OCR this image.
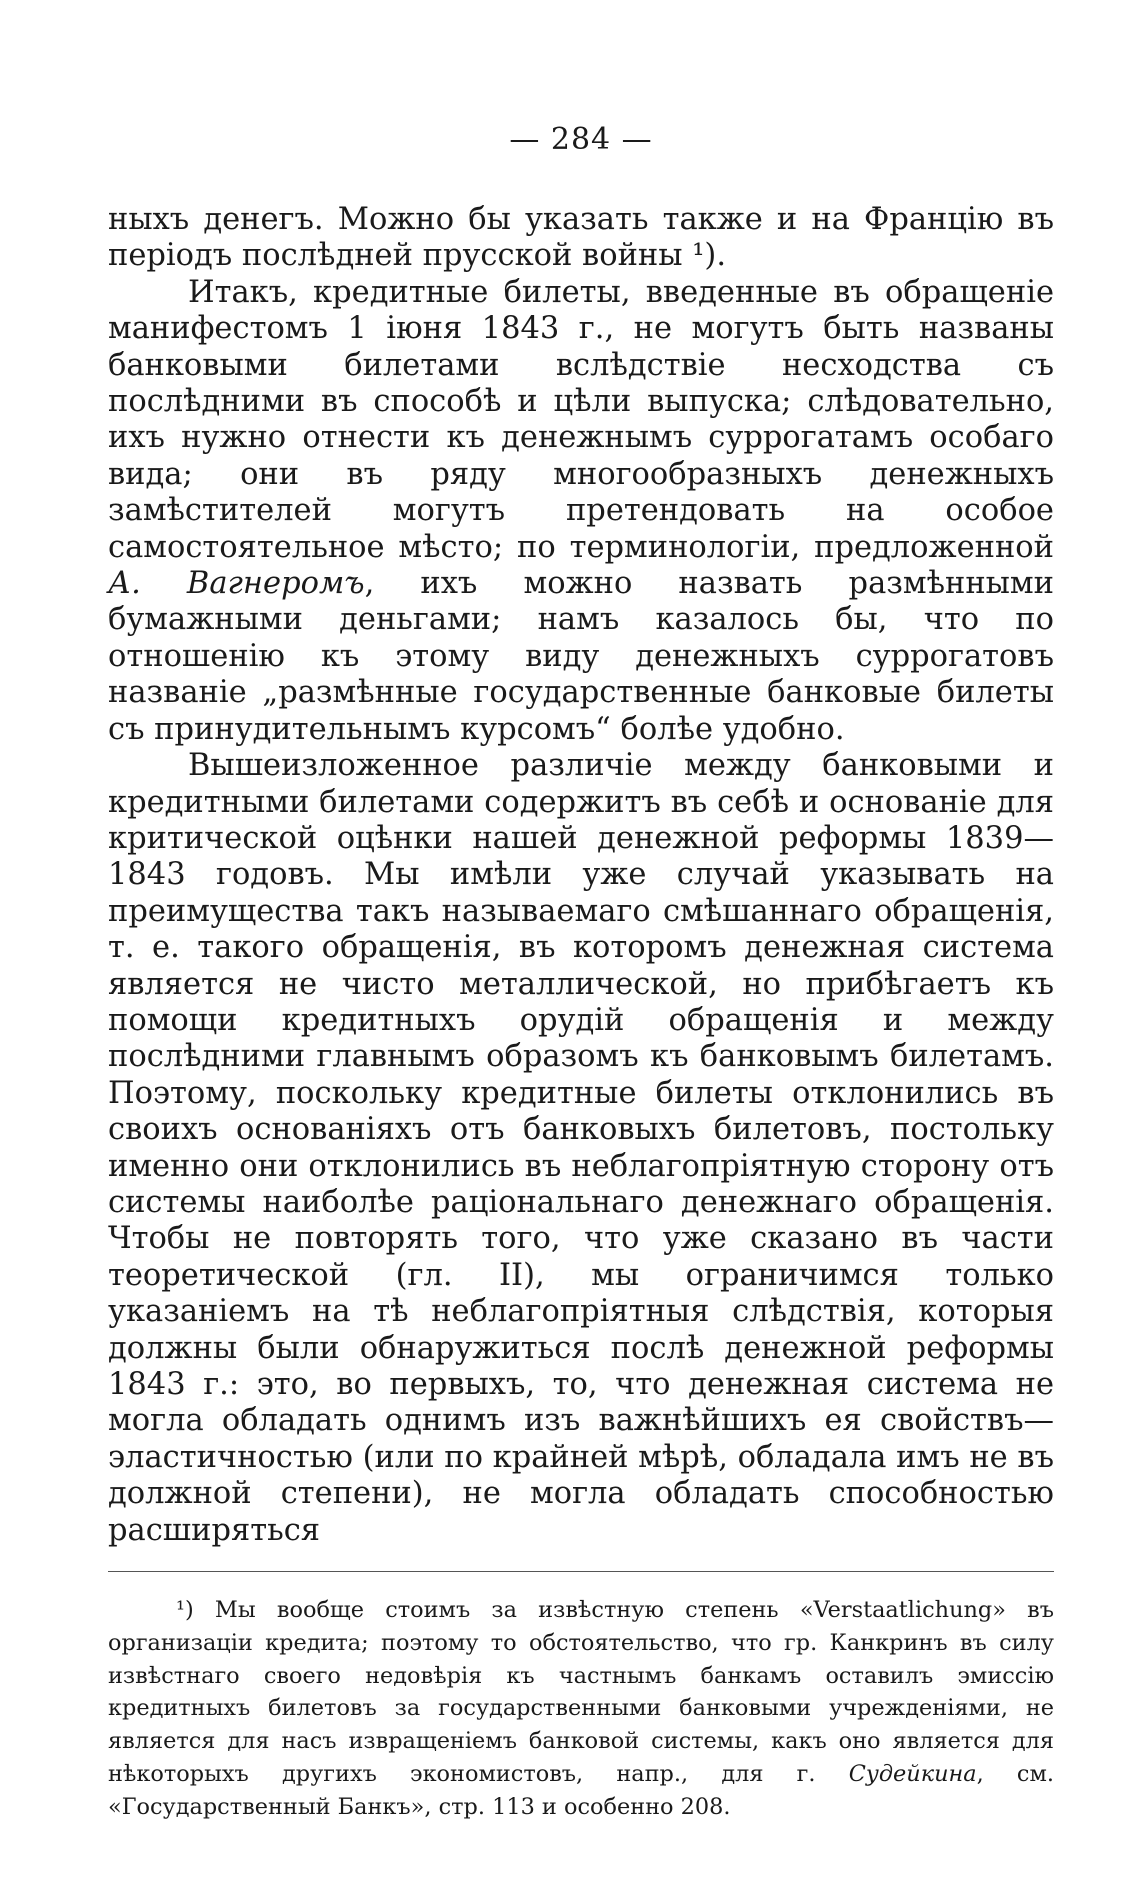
— 284 —

ныхъ денегъ. Можно бы указать также и на Францію въ періодъ послѣдней прусской войны ¹).

Итакъ, кредитные билеты, введенные въ обращеніе манифестомъ 1 іюня 1843 г., не могутъ быть названы банковыми билетами вслѣдствіе несходства съ послѣдними въ способѣ и цѣли выпуска; слѣдовательно, ихъ нужно отнести къ денежнымъ суррогатамъ особаго вида; они въ ряду многообразныхъ денежныхъ замѣстителей могутъ претендовать на особое самостоятельное мѣсто; по терминологіи, предложенной А. Вагнеромъ, ихъ можно назвать размѣнными бумажными деньгами; намъ казалось бы, что по отношенію къ этому виду денежныхъ суррогатовъ названіе „размѣнные государственные банковые билеты съ принудительнымъ курсомъ“ болѣе удобно.

Вышеизложенное различіе между банковыми и кредитными билетами содержитъ въ себѣ и основаніе для критической оцѣнки нашей денежной реформы 1839—1843 годовъ. Мы имѣли уже случай указывать на преимущества такъ называемаго смѣшаннаго обращенія, т. е. такого обращенія, въ которомъ денежная система является не чисто металлической, но прибѣгаетъ къ помощи кредитныхъ орудій обращенія и между послѣдними главнымъ образомъ къ банковымъ билетамъ. Поэтому, поскольку кредитные билеты отклонились въ своихъ основаніяхъ отъ банковыхъ билетовъ, постольку именно они отклонились въ неблагопріятную сторону отъ системы наиболѣе раціональнаго денежнаго обращенія. Чтобы не повторять того, что уже сказано въ части теоретической (гл. II), мы ограничимся только указаніемъ на тѣ неблагопріятныя слѣдствія, которыя должны были обнаружиться послѣ денежной реформы 1843 г.: это, во первыхъ, то, что денежная система не могла обладать однимъ изъ важнѣйшихъ ея свойствъ—эластичностью (или по крайней мѣрѣ, обладала имъ не въ должной степени), не могла обладать способностью расширяться

¹) Мы вообще стоимъ за извѣстную степень «Verstaatlichung» въ организаціи кредита; поэтому то обстоятельство, что гр. Канкринъ въ силу извѣстнаго своего недовѣрія къ частнымъ банкамъ оставилъ эмиссію кредитныхъ билетовъ за государственными банковыми учрежденіями, не является для насъ извращеніемъ банковой системы, какъ оно является для нѣкоторыхъ другихъ экономистовъ, напр., для г. Судейкина, см. «Государственный Банкъ», стр. 113 и особенно 208.
